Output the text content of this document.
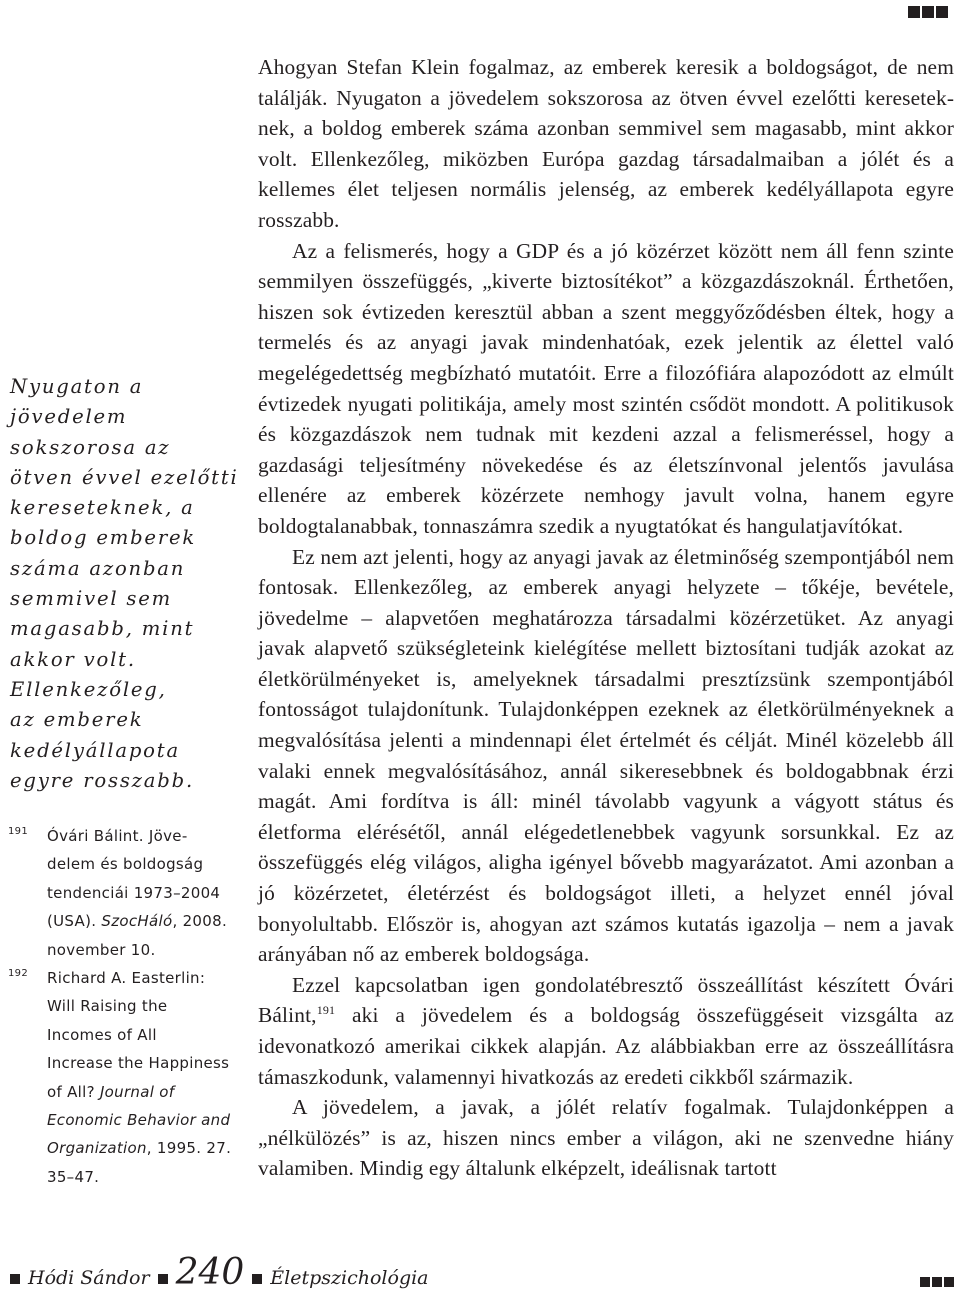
Ahogyan Stefan Klein fogalmaz, az emberek keresik a boldogságot, de nem találják. Nyugaton a jövedelem sokszorosa az ötven évvel ezelőtti kereseteknek, a boldog emberek száma azonban semmivel sem magasabb, mint akkor volt. Ellenkezőleg, miközben Európa gazdag társadalmaiban a jólét és a kellemes élet teljesen normális jelenség, az emberek kedélyállapota egyre rosszabb.

Az a felismerés, hogy a GDP és a jó közérzet között nem áll fenn szinte semmilyen összefüggés, „kiverte biztosítékot” a közgazdászoknál. Érthetően, hiszen sok évtizeden keresztül abban a szent meggyőződésben éltek, hogy a termelés és az anyagi javak mindenhatóak, ezek jelentik az élettel való megelégedettség megbízható mutatóit. Erre a filozófiára alapozódott az elmúlt évtizedek nyugati politikája, amely most szintén csődöt mondott. A politikusok és közgazdászok nem tudnak mit kezdeni azzal a felismeréssel, hogy a gazdasági teljesítmény növekedése és az életszínvonal jelentős javulása ellenére az emberek közérzete nemhogy javult volna, hanem egyre boldogtalanabbak, tonnaszámra szedik a nyugtatókat és hangulatjavítókat.

Ez nem azt jelenti, hogy az anyagi javak az életminőség szempontjából nem fontosak. Ellenkezőleg, az emberek anyagi helyzete – tőkéje, bevétele, jövedelme – alapvetően meghatározza társadalmi közérzetüket. Az anyagi javak alapvető szükségleteink kielégítése mellett biztosítani tudják azokat az életkörülményeket is, amelyeknek társadalmi presztízsünk szempontjából fontosságot tulajdonítunk. Tulajdonképpen ezeknek az életkörülményeknek a megvalósítása jelenti a mindennapi élet értelmét és célját. Minél közelebb áll valaki ennek megvalósításához, annál sikeresebbnek és boldogabbnak érzi magát. Ami fordítva is áll: minél távolabb vagyunk a vágyott státus és életforma elérésétől, annál elégedetlenebbek vagyunk sorsunkkal. Ez az összefüggés elég világos, aligha igényel bővebb magyarázatot. Ami azonban a jó közérzetet, életérzést és boldogságot illeti, a helyzet ennél jóval bonyolultabb. Először is, ahogyan azt számos kutatás igazolja – nem a javak arányában nő az emberek boldogsága.

Ezzel kapcsolatban igen gondolatébresztő összeállítást készített Óvári Bálint,$^{191}$ aki a jövedelem és a boldogság összefüggéseit vizsgálta az idevonatkozó amerikai cikkek alapján. Az alábbiakban erre az összeállításra támaszkodunk, valamennyi hivatkozás az eredeti cikkből származik.

A jövedelem, a javak, a jólét relatív fogalmak. Tulajdonképpen a „nélkülözés” is az, hiszen nincs ember a világon, aki ne szenvedne hiány valamiben. Mindig egy általunk elképzelt, ideálisnak tartott

Nyugaton a
jövedelem
sokszorosa az
ötven évvel ezelőtti
kereseteknek, a
boldog emberek
száma azonban
semmivel sem
magasabb, mint
akkor volt.
Ellenkezőleg,
az emberek
kedélyállapota
egyre rosszabb.

191 Óvári Bálint. Jöve-
delem és boldogság
tendenciái 1973–2004
(USA). SzocHáló, 2008.
november 10.
192 Richard A. Easterlin:
Will Raising the
Incomes of All
Increase the Happiness
of All? Journal of
Economic Behavior and
Organization, 1995. 27.
35–47.
Hódi Sándor 240 Életpszichológia
